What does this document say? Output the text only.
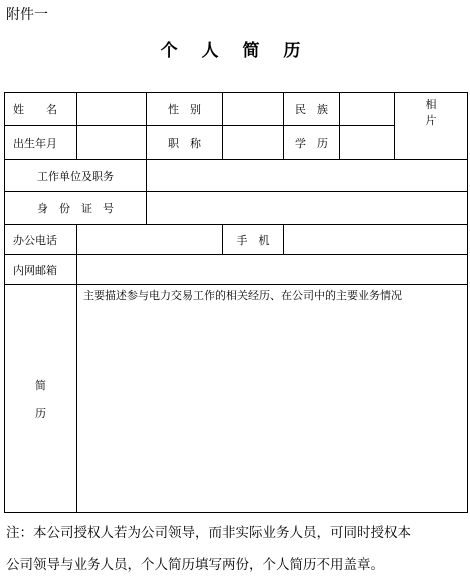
附件一
个 人 简 历
姓　　名		性　别		民　族		相
片

出生年月		职　称		学　历		
工作单位及职务						
身　份　证　号						
办公电话			手　机			
内网邮箱						

简
历	主要描述参与电力交易工作的相关经历、在公司中的主要业务情况					
注：本公司授权人若为公司领导，而非实际业务人员，可同时授权本
公司领导与业务人员，个人简历填写两份，个人简历不用盖章。
